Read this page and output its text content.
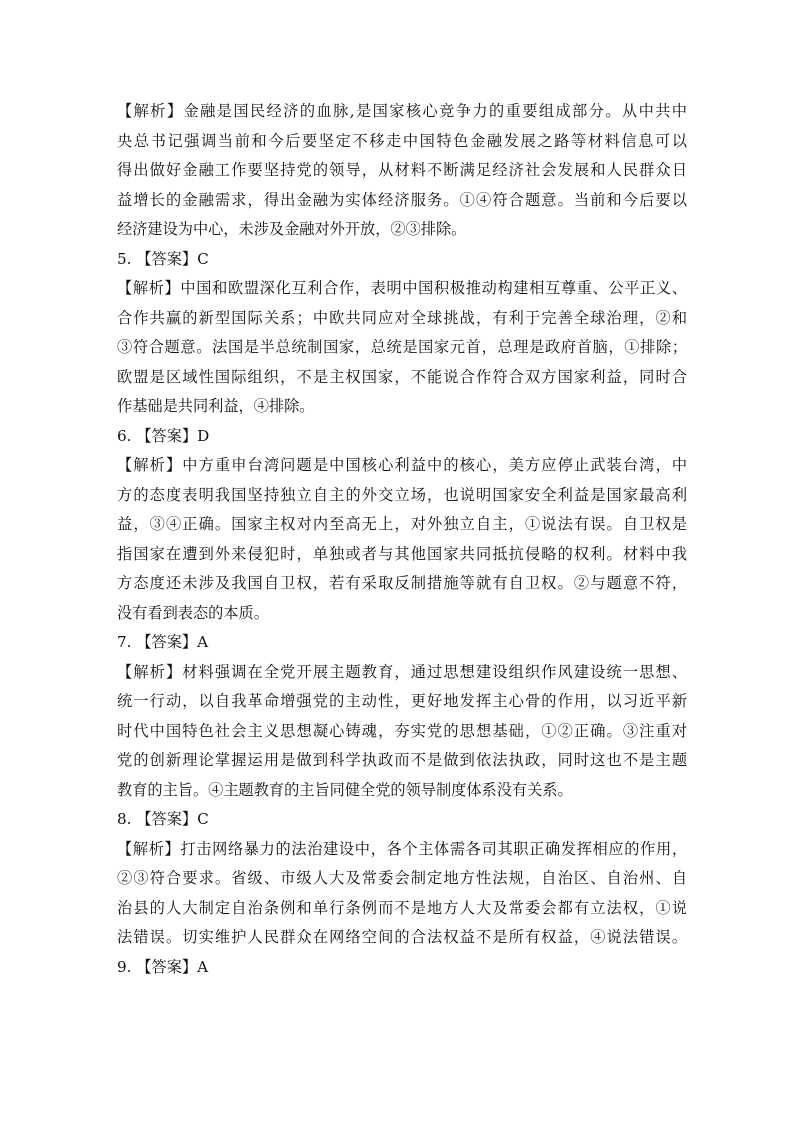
【解析】金融是国民经济的血脉,是国家核心竞争力的重要组成部分。从中共中
央总书记强调当前和今后要坚定不移走中国特色金融发展之路等材料信息可以
得出做好金融工作要坚持党的领导，从材料不断满足经济社会发展和人民群众日
益增长的金融需求，得出金融为实体经济服务。①④符合题意。当前和今后要以
经济建设为中心，未涉及金融对外开放，②③排除。
5. 【答案】C
【解析】中国和欧盟深化互利合作，表明中国积极推动构建相互尊重、公平正义、
合作共赢的新型国际关系；中欧共同应对全球挑战，有利于完善全球治理，②和
③符合题意。法国是半总统制国家，总统是国家元首，总理是政府首脑，①排除；
欧盟是区域性国际组织，不是主权国家，不能说合作符合双方国家利益，同时合
作基础是共同利益，④排除。
6. 【答案】D
【解析】中方重申台湾问题是中国核心利益中的核心，美方应停止武装台湾，中
方的态度表明我国坚持独立自主的外交立场，也说明国家安全利益是国家最高利
益，③④正确。国家主权对内至高无上，对外独立自主，①说法有误。自卫权是
指国家在遭到外来侵犯时，单独或者与其他国家共同抵抗侵略的权利。材料中我
方态度还未涉及我国自卫权，若有采取反制措施等就有自卫权。②与题意不符，
没有看到表态的本质。
7. 【答案】A
【解析】材料强调在全党开展主题教育，通过思想建设组织作风建设统一思想、
统一行动，以自我革命增强党的主动性，更好地发挥主心骨的作用，以习近平新
时代中国特色社会主义思想凝心铸魂，夯实党的思想基础，①②正确。③注重对
党的创新理论掌握运用是做到科学执政而不是做到依法执政，同时这也不是主题
教育的主旨。④主题教育的主旨同健全党的领导制度体系没有关系。
8. 【答案】C
【解析】打击网络暴力的法治建设中，各个主体需各司其职正确发挥相应的作用，
②③符合要求。省级、市级人大及常委会制定地方性法规，自治区、自治州、自
治县的人大制定自治条例和单行条例而不是地方人大及常委会都有立法权，①说
法错误。切实维护人民群众在网络空间的合法权益不是所有权益，④说法错误。
9. 【答案】A
